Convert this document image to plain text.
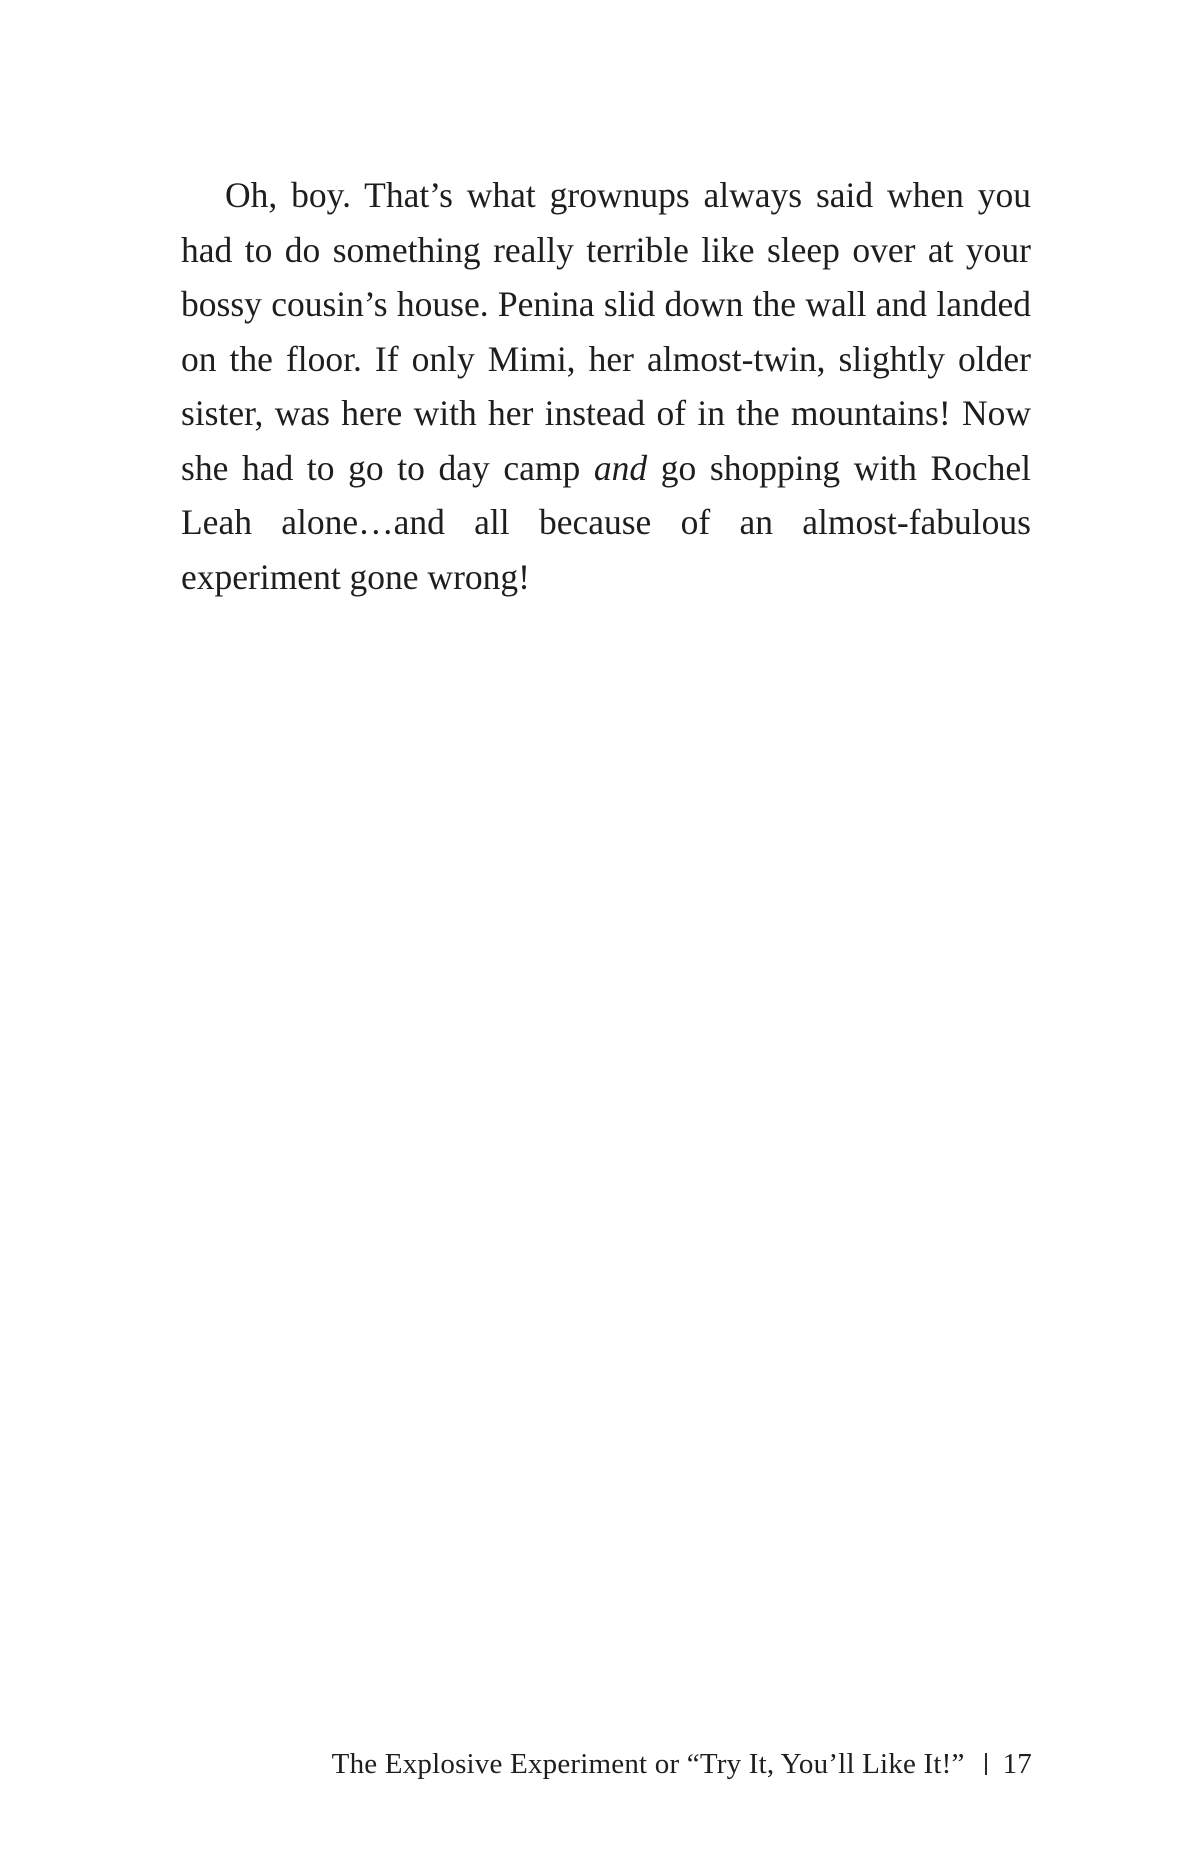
Oh, boy. That’s what grownups always said when you had to do something really terrible like sleep over at your bossy cousin’s house. Penina slid down the wall and landed on the floor. If only Mimi, her almost-twin, slightly older sister, was here with her instead of in the mountains! Now she had to go to day camp and go shopping with Rochel Leah alone…and all because of an almost-fabulous experiment gone wrong!

The Explosive Experiment or “Try It, You’ll Like It!” 17
